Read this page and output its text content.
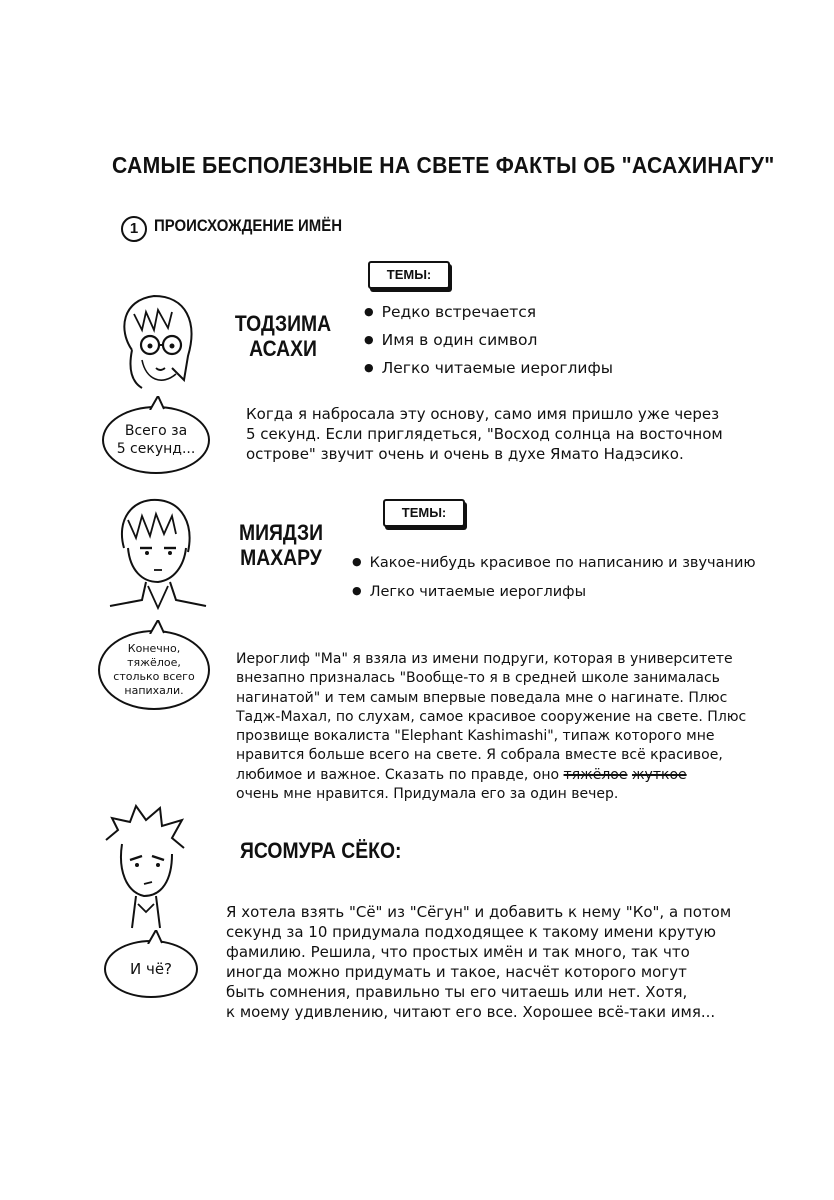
САМЫЕ БЕСПОЛЕЗНЫЕ НА СВЕТЕ ФАКТЫ ОБ "АСАХИНАГУ"
1 ПРОИСХОЖДЕНИЕ ИМЁН
ТЕМЫ:
ТОДЗИМА
АСАХИ
● Редко встречается
● Имя в один символ
● Легко читаемые иероглифы
Всего за
5 секунд...
Когда я набросала эту основу, само имя пришло уже через
5 секунд. Если приглядеться, "Восход солнца на восточном
острове" звучит очень и очень в духе Ямато Надэсико.
ТЕМЫ:
МИЯДЗИ
МАХАРУ	● Какое-нибудь красивое по написанию и звучанию
● Легко читаемые иероглифы
Конечно,
тяжёлое,
столько всего
напихали.
Иероглиф "Ма" я взяла из имени подруги, которая в университете
внезапно призналась "Вообще-то я в средней школе занималась
нагинатой" и тем самым впервые поведала мне о нагинате. Плюс
Тадж-Махал, по слухам, самое красивое сооружение на свете. Плюс
прозвище вокалиста "Elephant Kashimashi", типаж которого мне
нравится больше всего на свете. Я собрала вместе всё красивое,
любимое и важное. Сказать по правде, оно тяжёлое жуткое
очень мне нравится. Придумала его за один вечер.
ЯСОМУРА СЁКО:
И чё?
Я хотела взять "Сё" из "Сёгун" и добавить к нему "Ко", а потом
секунд за 10 придумала подходящее к такому имени крутую
фамилию. Решила, что простых имён и так много, так что
иногда можно придумать и такое, насчёт которого могут
быть сомнения, правильно ты его читаешь или нет. Хотя,
к моему удивлению, читают его все. Хорошее всё-таки имя...
